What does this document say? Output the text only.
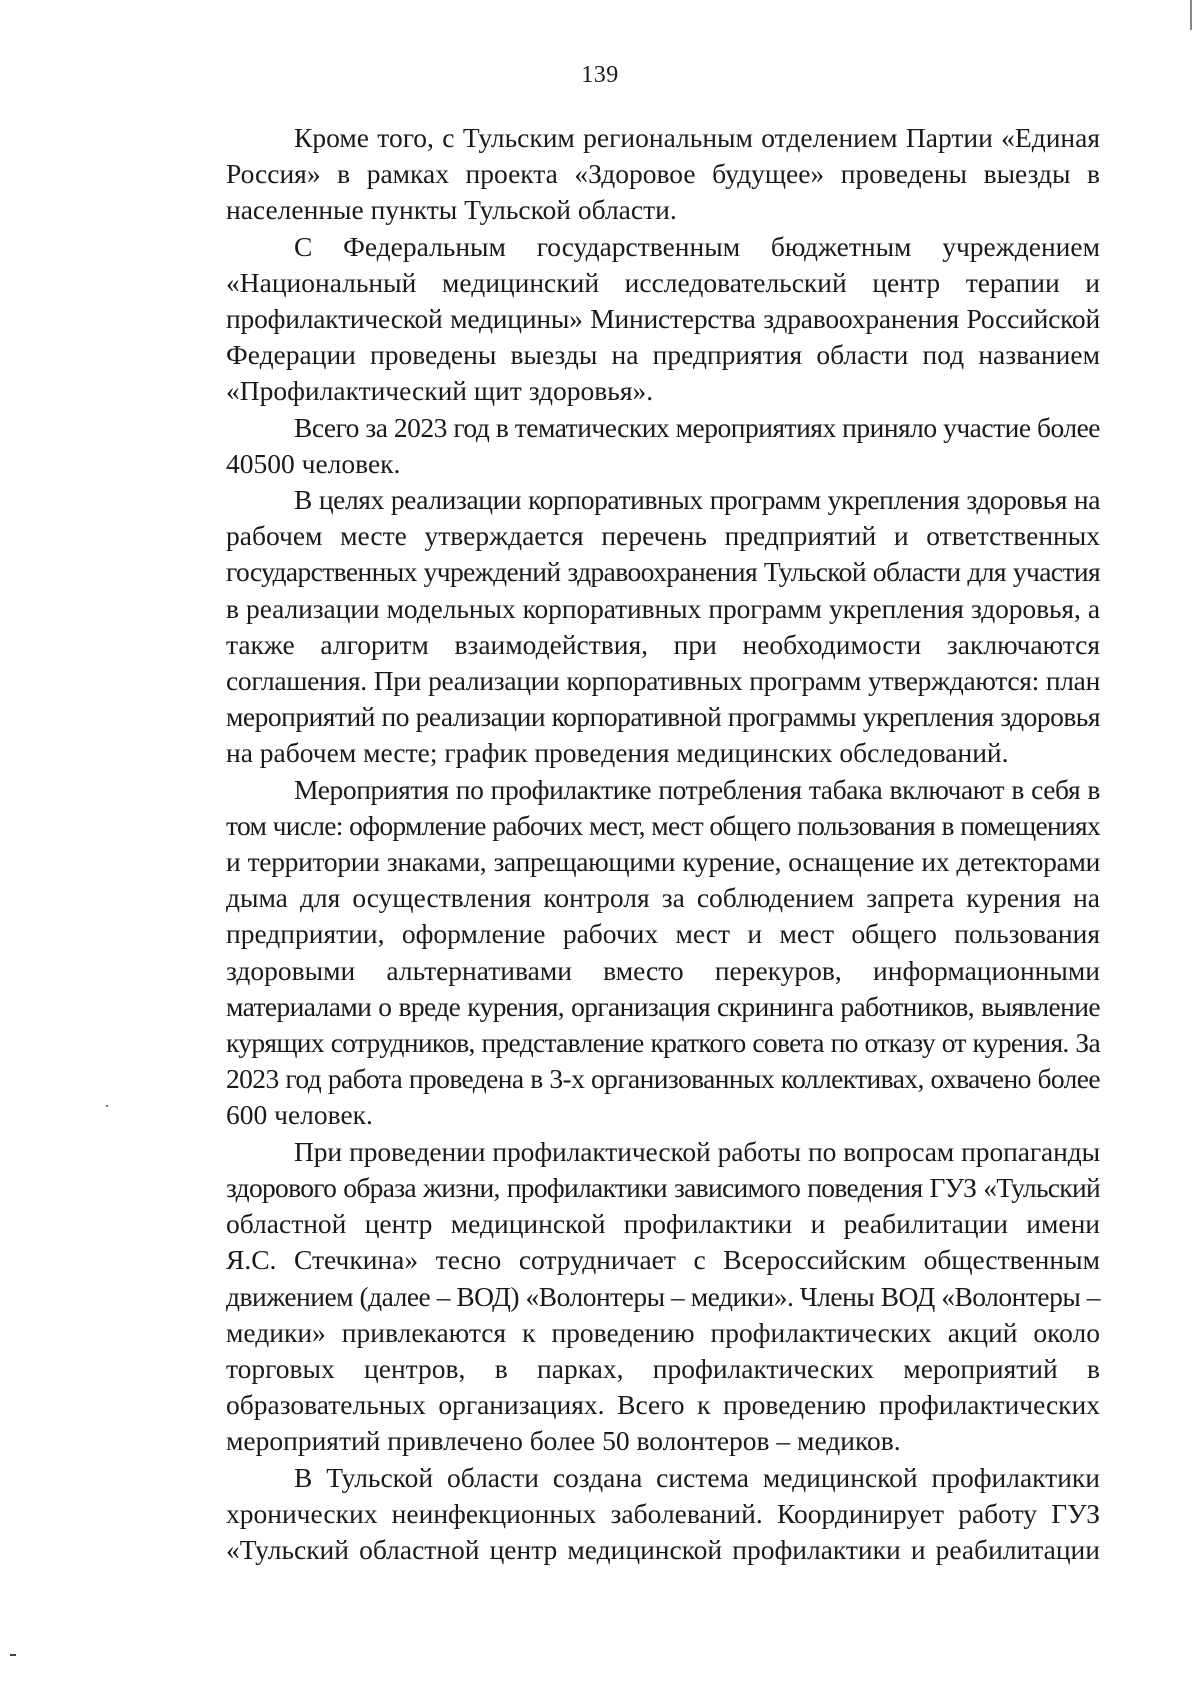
139
Кроме того, с Тульским региональным отделением Партии «Единая
Россия» в рамках проекта «Здоровое будущее» проведены выезды в
населенные пункты Тульской области.
С Федеральным государственным бюджетным учреждением
«Национальный медицинский исследовательский центр терапии и
профилактической медицины» Министерства здравоохранения Российской
Федерации проведены выезды на предприятия области под названием
«Профилактический щит здоровья».
Всего за 2023 год в тематических мероприятиях приняло участие более
40500 человек.
В целях реализации корпоративных программ укрепления здоровья на
рабочем месте утверждается перечень предприятий и ответственных
государственных учреждений здравоохранения Тульской области для участия
в реализации модельных корпоративных программ укрепления здоровья, а
также алгоритм взаимодействия, при необходимости заключаются
соглашения. При реализации корпоративных программ утверждаются: план
мероприятий по реализации корпоративной программы укрепления здоровья
на рабочем месте; график проведения медицинских обследований.
Мероприятия по профилактике потребления табака включают в себя в
том числе: оформление рабочих мест, мест общего пользования в помещениях
и территории знаками, запрещающими курение, оснащение их детекторами
дыма для осуществления контроля за соблюдением запрета курения на
предприятии, оформление рабочих мест и мест общего пользования
здоровыми альтернативами вместо перекуров, информационными
материалами о вреде курения, организация скрининга работников, выявление
курящих сотрудников, представление краткого совета по отказу от курения. За
2023 год работа проведена в 3-х организованных коллективах, охвачено более
600 человек.
При проведении профилактической работы по вопросам пропаганды
здорового образа жизни, профилактики зависимого поведения ГУЗ «Тульский
областной центр медицинской профилактики и реабилитации имени
Я.С. Стечкина» тесно сотрудничает с Всероссийским общественным
движением (далее – ВОД) «Волонтеры – медики». Члены ВОД «Волонтеры –
медики» привлекаются к проведению профилактических акций около
торговых центров, в парках, профилактических мероприятий в
образовательных организациях. Всего к проведению профилактических
мероприятий привлечено более 50 волонтеров – медиков.
В Тульской области создана система медицинской профилактики
хронических неинфекционных заболеваний. Координирует работу ГУЗ
«Тульский областной центр медицинской профилактики и реабилитации
